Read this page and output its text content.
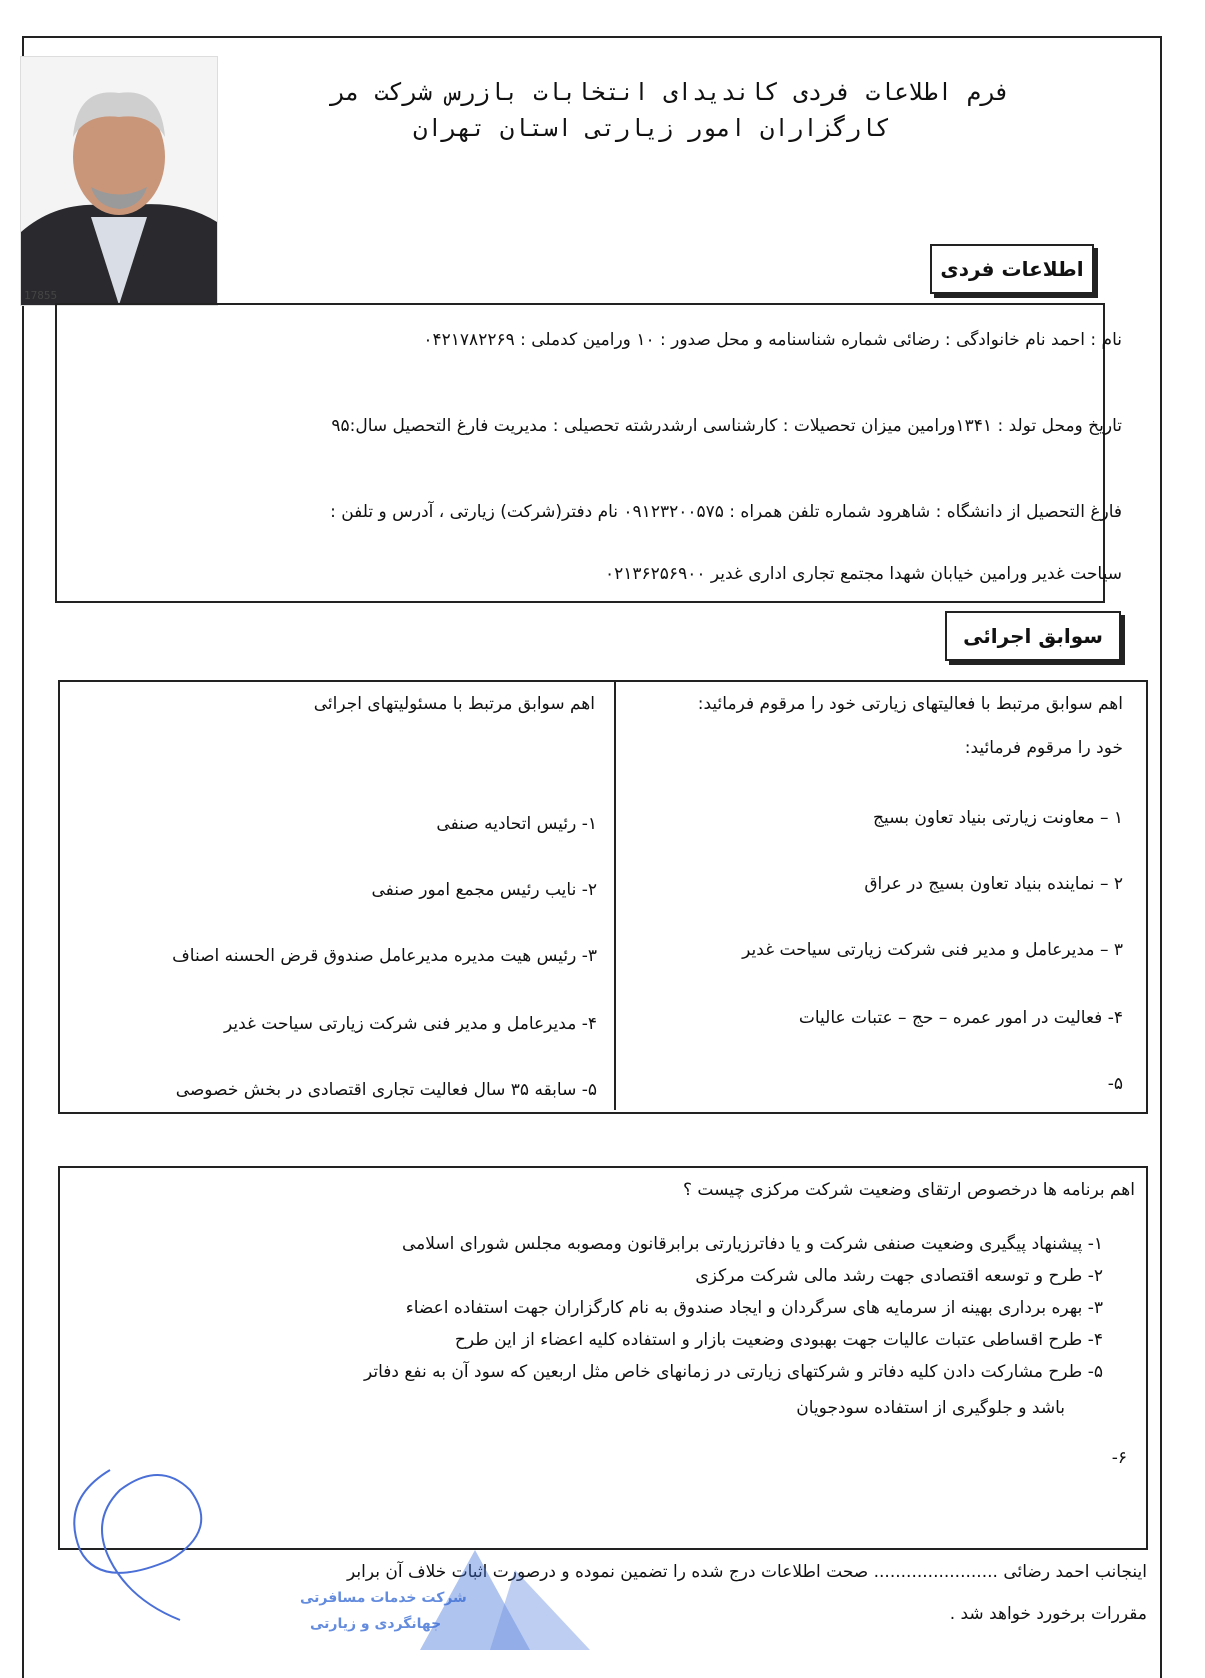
17855
فرم اطلاعات فردی کاندیدای انتخابات بازرس شرکت مر
کارگزاران امور زیارتی استان تهران
اطلاعات فردی
نام : احمد نام خانوادگی : رضائی شماره شناسنامه و محل صدور : ۱۰ ورامین کدملی : ۰۴۲۱۷۸۲۲۶۹
تاریخ ومحل تولد : ۱۳۴۱ورامین میزان تحصیلات : کارشناسی ارشدرشته تحصیلی : مدیریت فارغ التحصیل سال:۹۵
فارغ التحصیل از دانشگاه : شاهرود شماره تلفن همراه : ۰۹۱۲۳۲۰۰۵۷۵ نام دفتر(شرکت) زیارتی ، آدرس و تلفن :
سیاحت غدیر ورامین خیابان شهدا مجتمع تجاری اداری غدیر ۰۲۱۳۶۲۵۶۹۰۰
سوابق اجرائی
اهم سوابق مرتبط با فعالیتهای زیارتی خود را مرقوم فرمائید:
خود را مرقوم فرمائید:
اهم سوابق مرتبط با مسئولیتهای اجرائی
۱ – معاونت زیارتی بنیاد تعاون بسیج
۲ – نماینده بنیاد تعاون بسیج در عراق
۳ – مدیرعامل و مدیر فنی شرکت زیارتی سیاحت غدیر
۴- فعالیت در امور عمره – حج – عتبات عالیات
۵-
۱- رئیس اتحادیه صنفی
۲- نایب رئیس مجمع امور صنفی
۳- رئیس هیت مدیره مدیرعامل صندوق قرض الحسنه اصناف
۴- مدیرعامل و مدیر فنی شرکت زیارتی سیاحت غدیر
۵- سابقه ۳۵ سال فعالیت تجاری اقتصادی در بخش خصوصی
اهم برنامه ها درخصوص ارتقای وضعیت شرکت مرکزی چیست ؟
۱- پیشنهاد پیگیری وضعیت صنفی شرکت و یا دفاترزیارتی برابرقانون ومصوبه مجلس شورای اسلامی
۲- طرح و توسعه اقتصادی جهت رشد مالی شرکت مرکزی
۳- بهره برداری بهینه از سرمایه های سرگردان و ایجاد صندوق به نام کارگزاران جهت استفاده اعضاء
۴- طرح اقساطی عتبات عالیات جهت بهبودی وضعیت بازار و استفاده کلیه اعضاء از این طرح
۵- طرح مشارکت دادن کلیه دفاتر و شرکتهای زیارتی در زمانهای خاص مثل اربعین که سود آن به نفع دفاتر
باشد و جلوگیری از استفاده سودجویان
۶-
اینجانب احمد رضائی ....................... صحت اطلاعات درج شده را تضمین نموده و درصورت اثبات خلاف آن برابر
مقررات برخورد خواهد شد .
شرکت خدمات مسافرتی
جهانگردی و زیارتی
